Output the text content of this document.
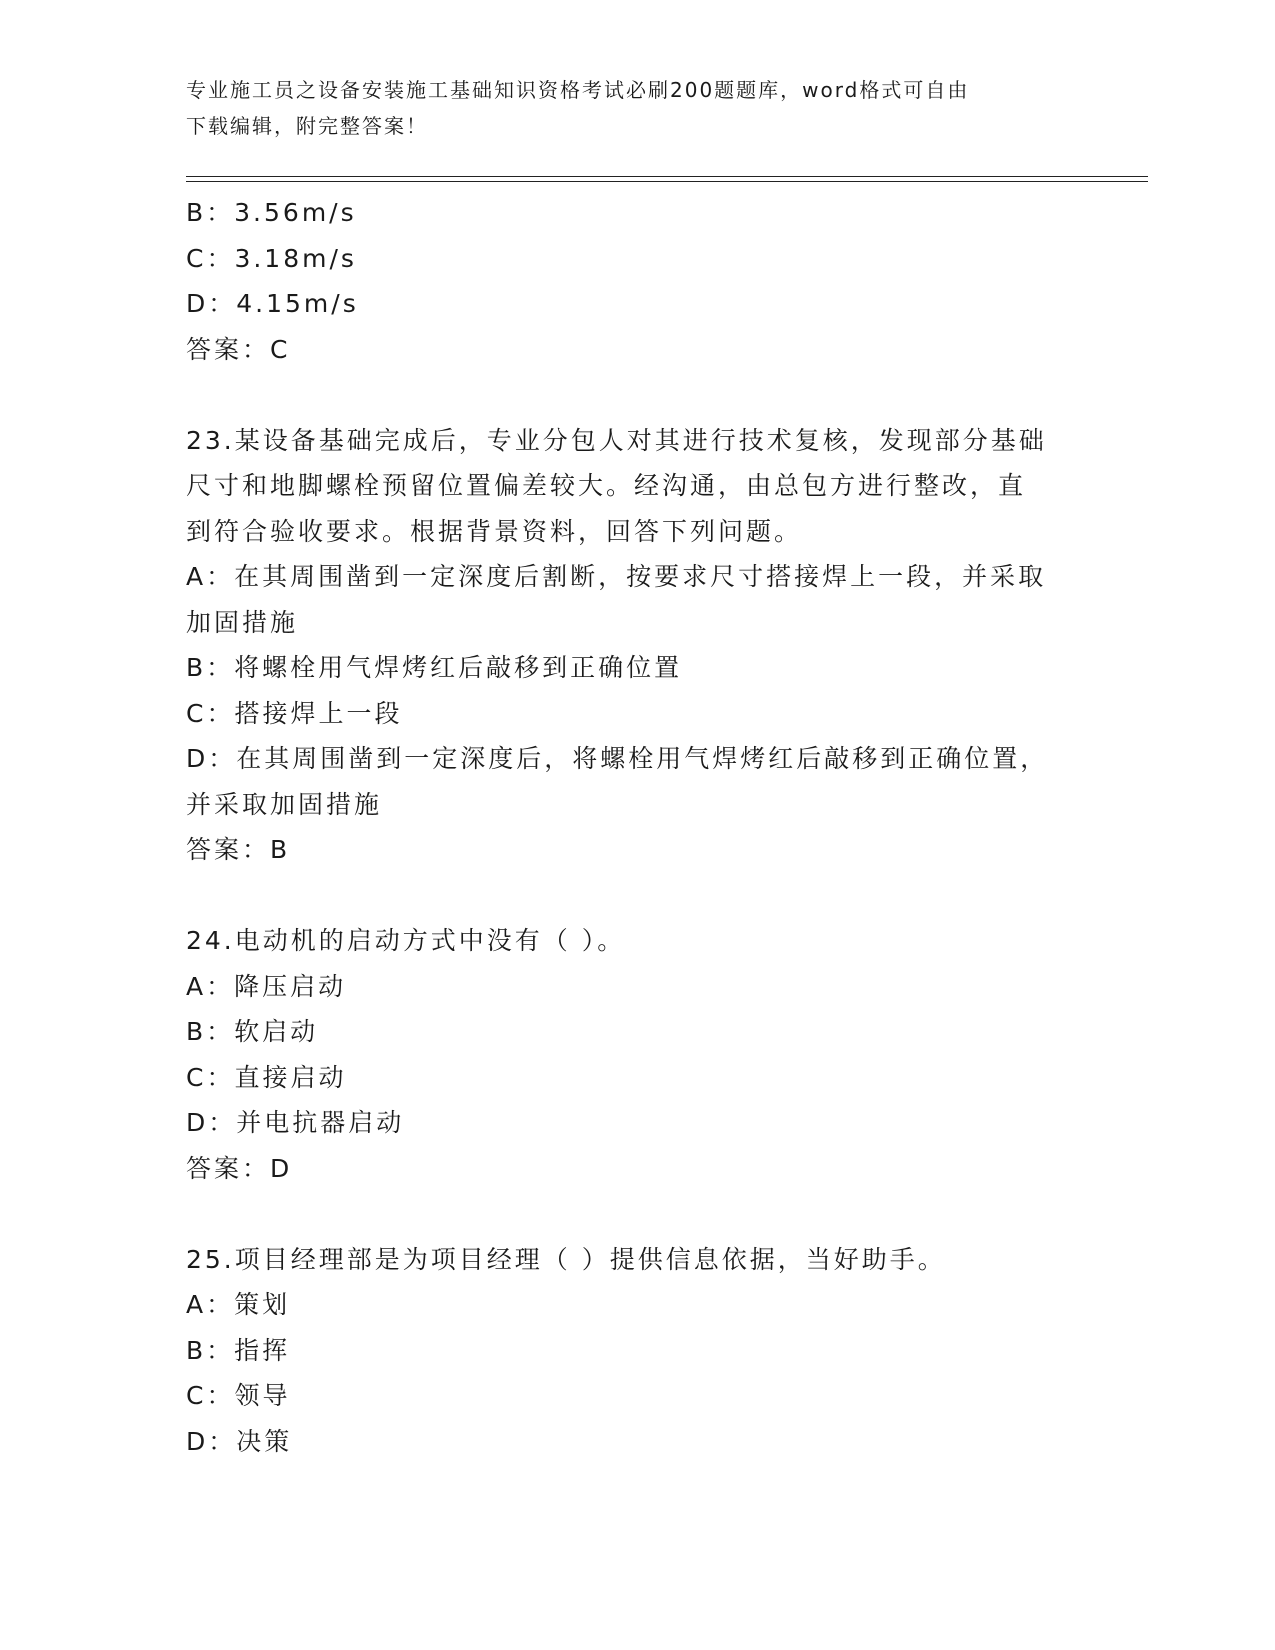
专业施工员之设备安装施工基础知识资格考试必刷200题题库，word格式可自由
下载编辑，附完整答案！
B：3.56m/s
C：3.18m/s
D：4.15m/s
答案：C
23.某设备基础完成后，专业分包人对其进行技术复核，发现部分基础
尺寸和地脚螺栓预留位置偏差较大。经沟通，由总包方进行整改，直
到符合验收要求。根据背景资料，回答下列问题。
A：在其周围凿到一定深度后割断，按要求尺寸搭接焊上一段，并采取
加固措施
B：将螺栓用气焊烤红后敲移到正确位置
C：搭接焊上一段
D：在其周围凿到一定深度后，将螺栓用气焊烤红后敲移到正确位置，
并采取加固措施
答案：B
24.电动机的启动方式中没有（ ）。
A：降压启动
B：软启动
C：直接启动
D：并电抗器启动
答案：D
25.项目经理部是为项目经理（ ）提供信息依据，当好助手。
A：策划
B：指挥
C：领导
D：决策
